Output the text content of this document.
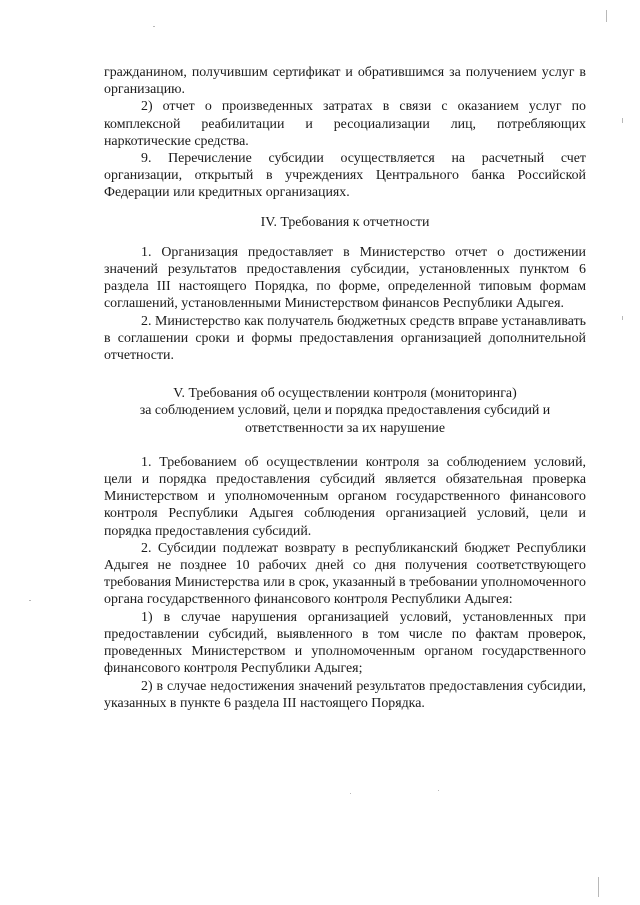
гражданином, получившим сертификат и обратившимся за получением услуг в организацию.

2) отчет о произведенных затратах в связи с оказанием услуг по комплексной реабилитации и ресоциализации лиц, потребляющих наркотические средства.

9. Перечисление субсидии осуществляется на расчетный счет организации, открытый в учреждениях Центрального банка Российской Федерации или кредитных организациях.

IV. Требования к отчетности

1. Организация предоставляет в Министерство отчет о достижении значений результатов предоставления субсидии, установленных пунктом 6 раздела III настоящего Порядка, по форме, определенной типовым формам соглашений, установленными Министерством финансов Республики Адыгея.

2. Министерство как получатель бюджетных средств вправе устанавливать в соглашении сроки и формы предоставления организацией дополнительной отчетности.

V. Требования об осуществлении контроля (мониторинга)

за соблюдением условий, цели и порядка предоставления субсидий и

ответственности за их нарушение

1. Требованием об осуществлении контроля за соблюдением условий, цели и порядка предоставления субсидий является обязательная проверка Министерством и уполномоченным органом государственного финансового контроля Республики Адыгея соблюдения организацией условий, цели и порядка предоставления субсидий.

2. Субсидии подлежат возврату в республиканский бюджет Республики Адыгея не позднее 10 рабочих дней со дня получения соответствующего требования Министерства или в срок, указанный в требовании уполномоченного органа государственного финансового контроля Республики Адыгея:

1) в случае нарушения организацией условий, установленных при предоставлении субсидий, выявленного в том числе по фактам проверок, проведенных Министерством и уполномоченным органом государственного финансового контроля Республики Адыгея;

2) в случае недостижения значений результатов предоставления субсидии, указанных в пункте 6 раздела III настоящего Порядка.
